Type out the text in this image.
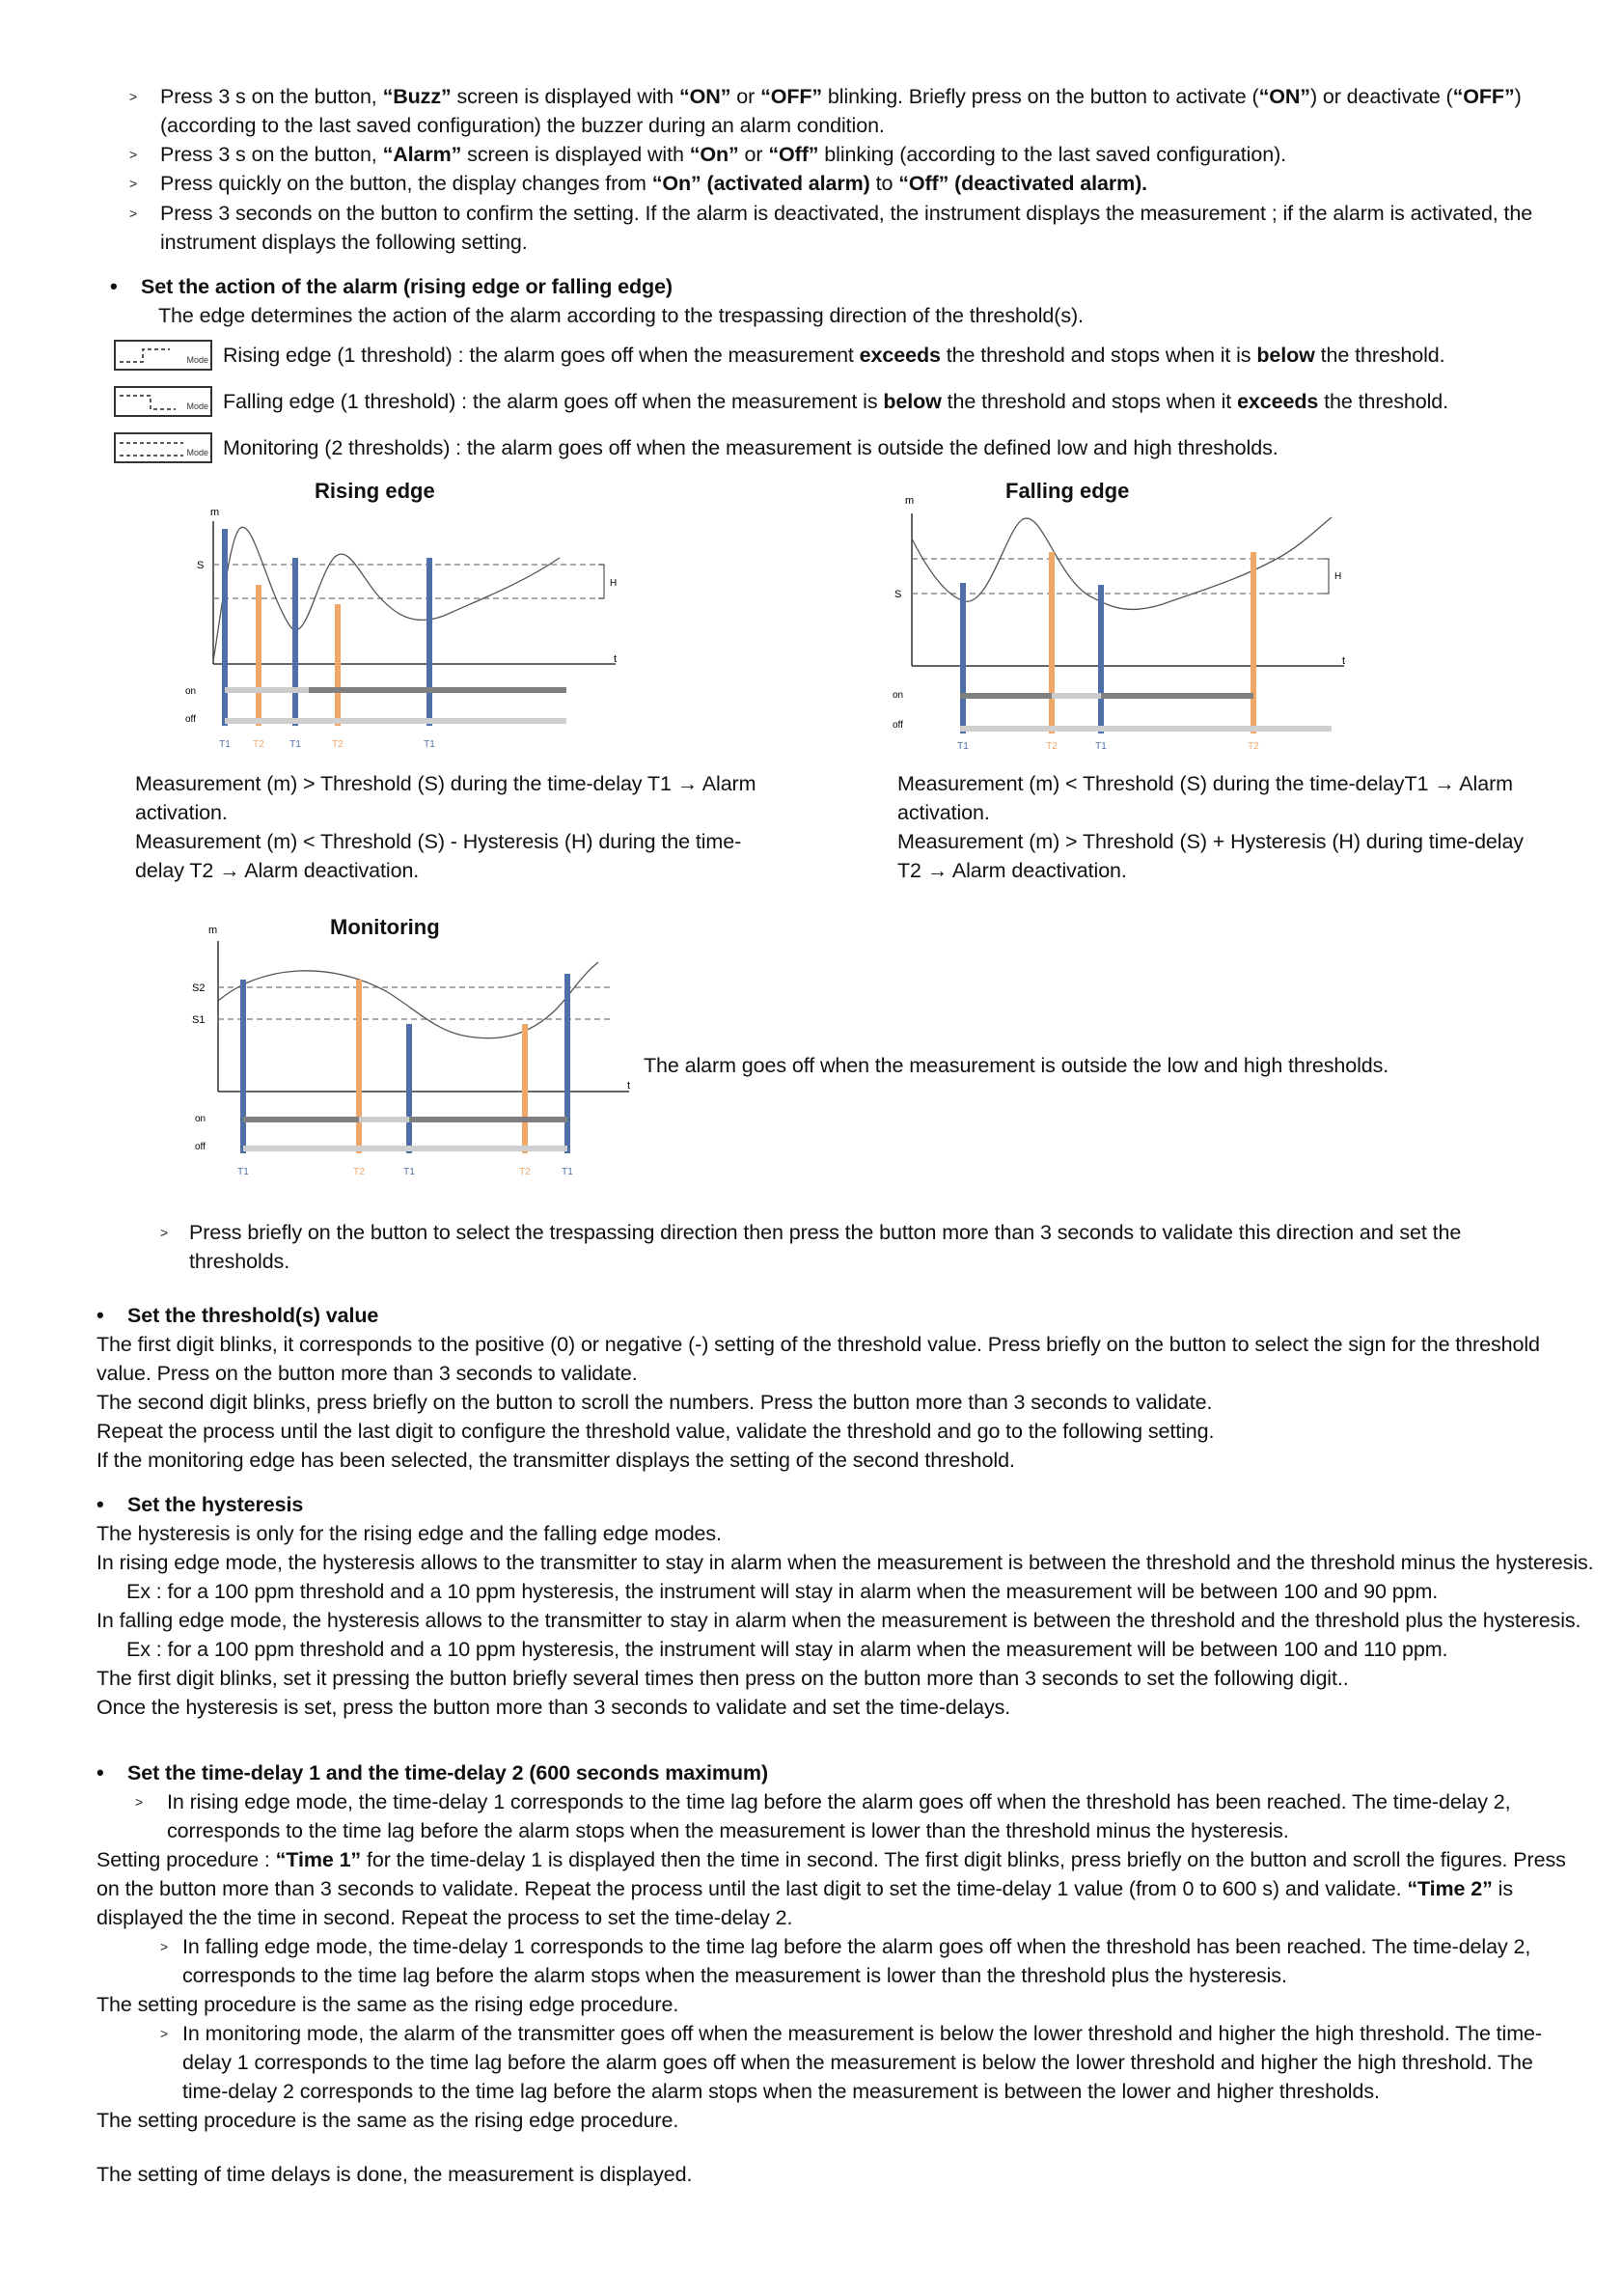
> Press 3 s on the button, “Buzz” screen is displayed with “ON” or “OFF” blinking. Briefly press on the button to activate (“ON”) or deactivate (“OFF”)
(according to the last saved configuration) the buzzer during an alarm condition.
> Press 3 s on the button, “Alarm” screen is displayed with “On” or “Off” blinking (according to the last saved configuration).
> Press quickly on the button, the display changes from “On” (activated alarm) to “Off” (deactivated alarm).
> Press 3 seconds on the button to confirm the setting. If the alarm is deactivated, the instrument displays the measurement ; if the alarm is activated, the
instrument displays the following setting.
• Set the action of the alarm (rising edge or falling edge)
The edge determines the action of the alarm according to the trespassing direction of the threshold(s).
Mode Rising edge (1 threshold) : the alarm goes off when the measurement exceeds the threshold and stops when it is below the threshold.
Mode Falling edge (1 threshold) : the alarm goes off when the measurement is below the threshold and stops when it exceeds the threshold.
Mode Monitoring (2 thresholds) : the alarm goes off when the measurement is outside the defined low and high thresholds.
Rising edge
m
t
S
H
T1 T2	T1	T2	T1
on
off
Measurement (m) > Threshold (S) during the time-delay T1 → Alarm
activation.
Measurement (m) < Threshold (S) - Hysteresis (H) during the time-
delay T2 → Alarm deactivation.
Falling edge
m
t
S
H
T1	T2	T1	T2
on
off
Measurement (m) < Threshold (S) during the time-delayT1 → Alarm
activation.
Measurement (m) > Threshold (S) + Hysteresis (H) during time-delay
T2 → Alarm deactivation.
Monitoring
m
t
S2
S1
T1	T2	T1	T2	T1
on
off
The alarm goes off when the measurement is outside the low and high thresholds.
> Press briefly on the button to select the trespassing direction then press the button more than 3 seconds to validate this direction and set the
thresholds.
• Set the threshold(s) value
The first digit blinks, it corresponds to the positive (0) or negative (-) setting of the threshold value. Press briefly on the button to select the sign for the threshold
value. Press on the button more than 3 seconds to validate.
The second digit blinks, press briefly on the button to scroll the numbers. Press the button more than 3 seconds to validate.
Repeat the process until the last digit to configure the threshold value, validate the threshold and go to the following setting.
If the monitoring edge has been selected, the transmitter displays the setting of the second threshold.
• Set the hysteresis
The hysteresis is only for the rising edge and the falling edge modes.
In rising edge mode, the hysteresis allows to the transmitter to stay in alarm when the measurement is between the threshold and the threshold minus the hysteresis.
Ex : for a 100 ppm threshold and a 10 ppm hysteresis, the instrument will stay in alarm when the measurement will be between 100 and 90 ppm.
In falling edge mode, the hysteresis allows to the transmitter to stay in alarm when the measurement is between the threshold and the threshold plus the hysteresis.
Ex : for a 100 ppm threshold and a 10 ppm hysteresis, the instrument will stay in alarm when the measurement will be between 100 and 110 ppm.
The first digit blinks, set it pressing the button briefly several times then press on the button more than 3 seconds to set the following digit..
Once the hysteresis is set, press the button more than 3 seconds to validate and set the time-delays.
• Set the time-delay 1 and the time-delay 2 (600 seconds maximum)
> In rising edge mode, the time-delay 1 corresponds to the time lag before the alarm goes off when the threshold has been reached. The time-delay 2,
corresponds to the time lag before the alarm stops when the measurement is lower than the threshold minus the hysteresis.
Setting procedure : “Time 1” for the time-delay 1 is displayed then the time in second. The first digit blinks, press briefly on the button and scroll the figures. Press
on the button more than 3 seconds to validate. Repeat the process until the last digit to set the time-delay 1 value (from 0 to 600 s) and validate. “Time 2” is
displayed the the time in second. Repeat the process to set the time-delay 2.
> In falling edge mode, the time-delay 1 corresponds to the time lag before the alarm goes off when the threshold has been reached. The time-delay 2,
corresponds to the time lag before the alarm stops when the measurement is lower than the threshold plus the hysteresis.
The setting procedure is the same as the rising edge procedure.
> In monitoring mode, the alarm of the transmitter goes off when the measurement is below the lower threshold and higher the high threshold. The time-
delay 1 corresponds to the time lag before the alarm goes off when the measurement is below the lower threshold and higher the high threshold. The
time-delay 2 corresponds to the time lag before the alarm stops when the measurement is between the lower and higher thresholds.
The setting procedure is the same as the rising edge procedure.
The setting of time delays is done, the measurement is displayed.
